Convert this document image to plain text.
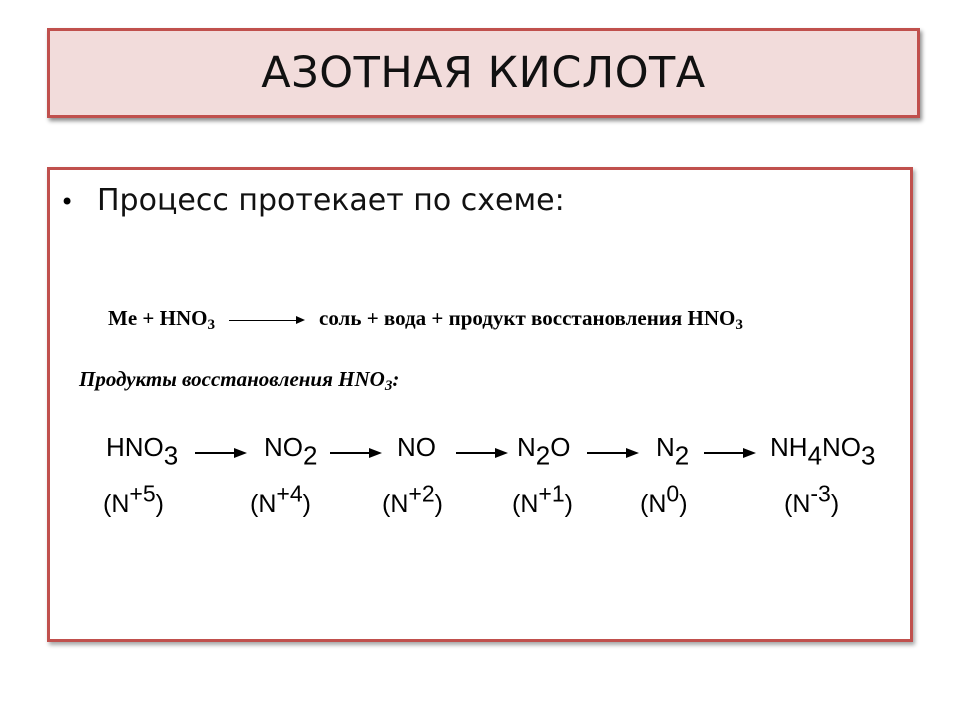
АЗОТНАЯ КИСЛОТА
• Процесс протекает по схеме:
$Me + HNO_3$	соль + вода + продукт восстановления $HNO_3$
Продукты восстановления $HNO_3$:
$HNO_3$
$(N^{+5})$
$NO_2$
$(N^{+4})$
NO
$(N^{+2})$
$N_2O$
$(N^{+1})$
$N_2$
$(N^0)$
$NH_4NO_3$
$(N^{-3})$
